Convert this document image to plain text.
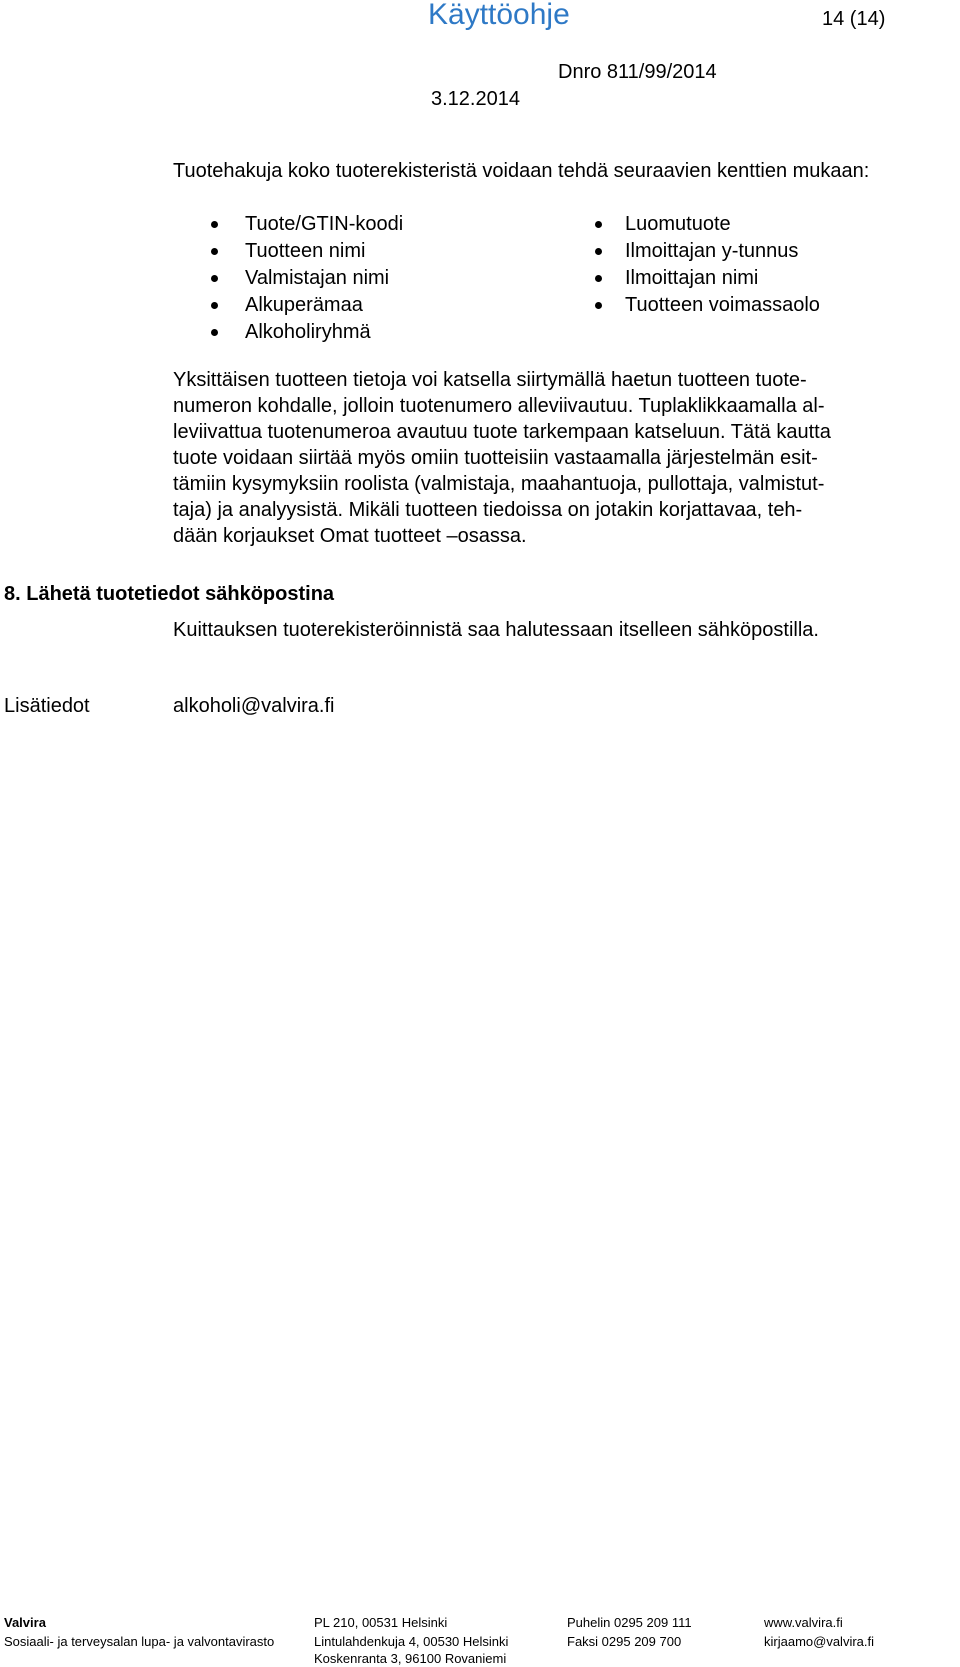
Käyttöohje	14 (14)
Dnro 811/99/2014
3.12.2014
Tuotehakuja koko tuoterekisteristä voidaan tehdä seuraavien kenttien mukaan:
Tuote/GTIN-koodi
Tuotteen nimi
Valmistajan nimi
Alkuperämaa
Alkoholiryhmä
Luomutuote
Ilmoittajan y-tunnus
Ilmoittajan nimi
Tuotteen voimassaolo
Yksittäisen tuotteen tietoja voi katsella siirtymällä haetun tuotteen tuote-
numeron kohdalle, jolloin tuotenumero alleviivautuu. Tuplaklikkaamalla al-
leviivattua tuotenumeroa avautuu tuote tarkempaan katseluun. Tätä kautta
tuote voidaan siirtää myös omiin tuotteisiin vastaamalla järjestelmän esit-
tämiin kysymyksiin roolista (valmistaja, maahantuoja, pullottaja, valmistut-
taja) ja analyysistä. Mikäli tuotteen tiedoissa on jotakin korjattavaa, teh-
dään korjaukset Omat tuotteet –osassa.
8. Lähetä tuotetiedot sähköpostina
Kuittauksen tuoterekisteröinnistä saa halutessaan itselleen sähköpostilla.
Lisätiedot	alkoholi@valvira.fi
Valvira
Sosiaali- ja terveysalan lupa- ja valvontavirasto
PL 210, 00531 Helsinki
Lintulahdenkuja 4, 00530 Helsinki
Koskenranta 3, 96100 Rovaniemi
Puhelin 0295 209 111
Faksi 0295 209 700
www.valvira.fi
kirjaamo@valvira.fi
